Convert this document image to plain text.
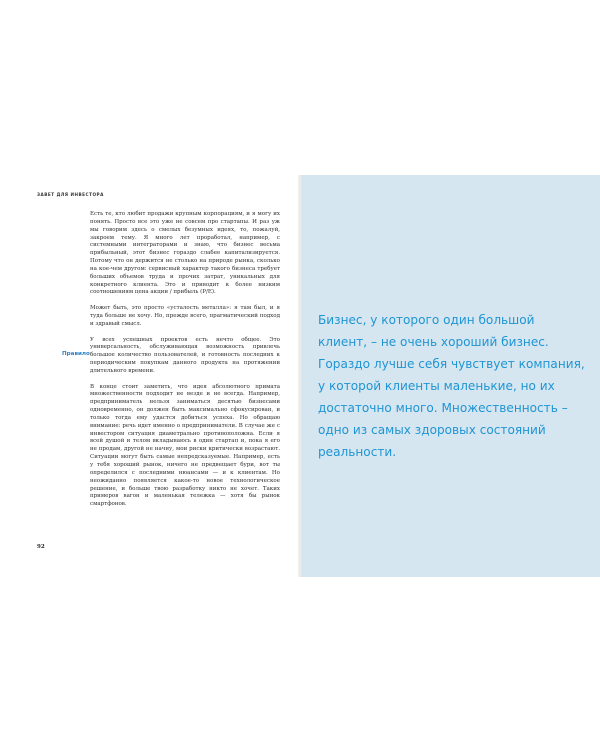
ЗАВЕТ ДЛЯ ИНВЕСТОРА
Правило

Есть те, кто любит продажи крупным корпорациям, и я могу их понять. Просто все это уже не совсем про стартапы. И раз уж мы говорим здесь о смелых безумных идеях, то, пожалуй, закроем тему. Я много лет проработал, например, с системными интеграторами и знаю, что бизнес весьма прибыльный, этот бизнес гораздо слабее капитализируется. Потому что он держится не столько на природе рынка, сколько на кое-чем другом: сервисный характер такого бизнеса требует больших объемов труда и прочих затрат, уникальных для конкретного клиента. Это и приводит к более низким соотношениям цена акции / прибыль (P/E).

Может быть, это просто «усталость металла»: я там был, и я туда больше не хочу. Но, прежде всего, прагматический подход и здравый смысл.

У всех успешных проектов есть нечто общее. Это универсальность, обслуживающая возможность привлечь большое количество пользователей, и готовность последних к периодическим покупкам данного продукта на протяжении длительного времени.

В конце стоит заметить, что идея абсолютного примата множественности подходит не везде и не всегда. Например, предприниматель нельзя заниматься десятью бизнесами одновременно, он должен быть максимально сфокусирован, и только тогда ему удастся добиться успеха. Но обращаю внимание: речь идет именно о предприниматели. В случае же с инвестором ситуация диаметрально противоположна. Если я всей душой и телом вкладываюсь в один стартап и, пока я его не продам, другой не начну, мои риски критически возрастают. Ситуации могут быть самые непредсказуемые. Например, есть у тебя хороший рынок, ничего не предвещает бури, вот ты определился с последними нюансами — и к клиентам. Но неожиданно появляется какое-то новое технологическое решение, и больше твою разработку никто не хочет. Таких примеров вагон и маленькая тележка — хотя бы рынок смартфонов.

92
Бизнес, у которого один большой клиент, – не очень хороший бизнес. Гораздо лучше себя чувствует компания, у которой клиенты маленькие, но их достаточно много. Множественность – одно из самых здоровых состояний реальности.
